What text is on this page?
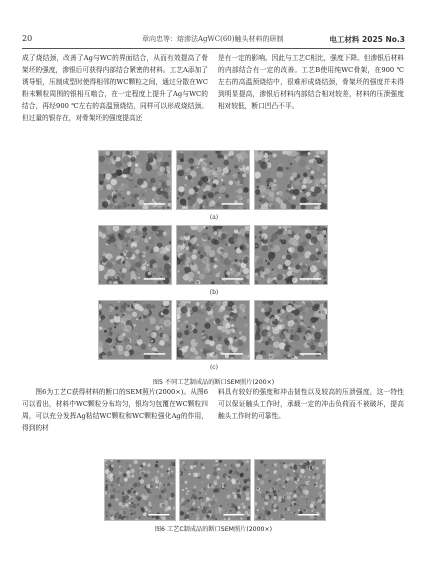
20	章向忠等：熔渗法AgWC(60)触头材料的研制	电工材料 2025 No.3

成了烧结颈，改善了Ag与WC的界面结合，从而有效提高了骨架坯的强度，渗银后可获得内部结合紧密的材料。工艺A添加了诱导银，压制成型时使得相邻的WC颗粒之间，通过分散在WC粉末颗粒周围的银相互啮合，在一定程度上提升了Ag与WC的结合，再经900 ℃左右的高温预烧结，同样可以形成烧结颈。但过量的银存在，对骨架坯的强度提高还

是有一定的影响。因此与工艺C相比，强度下降。但渗银后材料的内部结合有一定的改善。工艺B使用纯WC骨架，在900 ℃左右的高温预烧结中，很难形成烧结颈，骨架坯的强度并未得到明显提高，渗银后材料内部结合相对较差，材料的压溃强度相对较低，断口凹凸不平。

(a)
(b)
(c)
图5 不同工艺制成品的断口SEM照片(200×)

图6为工艺C获得材料的断口的SEM照片(2000×)。从图6可以看出，材料中WC颗粒分布均匀，银均匀包覆在WC颗粒四周，可以充分发挥Ag粘结WC颗粒和WC颗粒强化Ag的作用，得到的材

料具有较好的强度和冲击韧性以及较高的压溃强度，这一特性可以保证触头工作时，承载一定的冲击负荷而不被破坏，提高触头工作时的可靠性。

图6 工艺C制成品的断口SEM照片(2000×)
